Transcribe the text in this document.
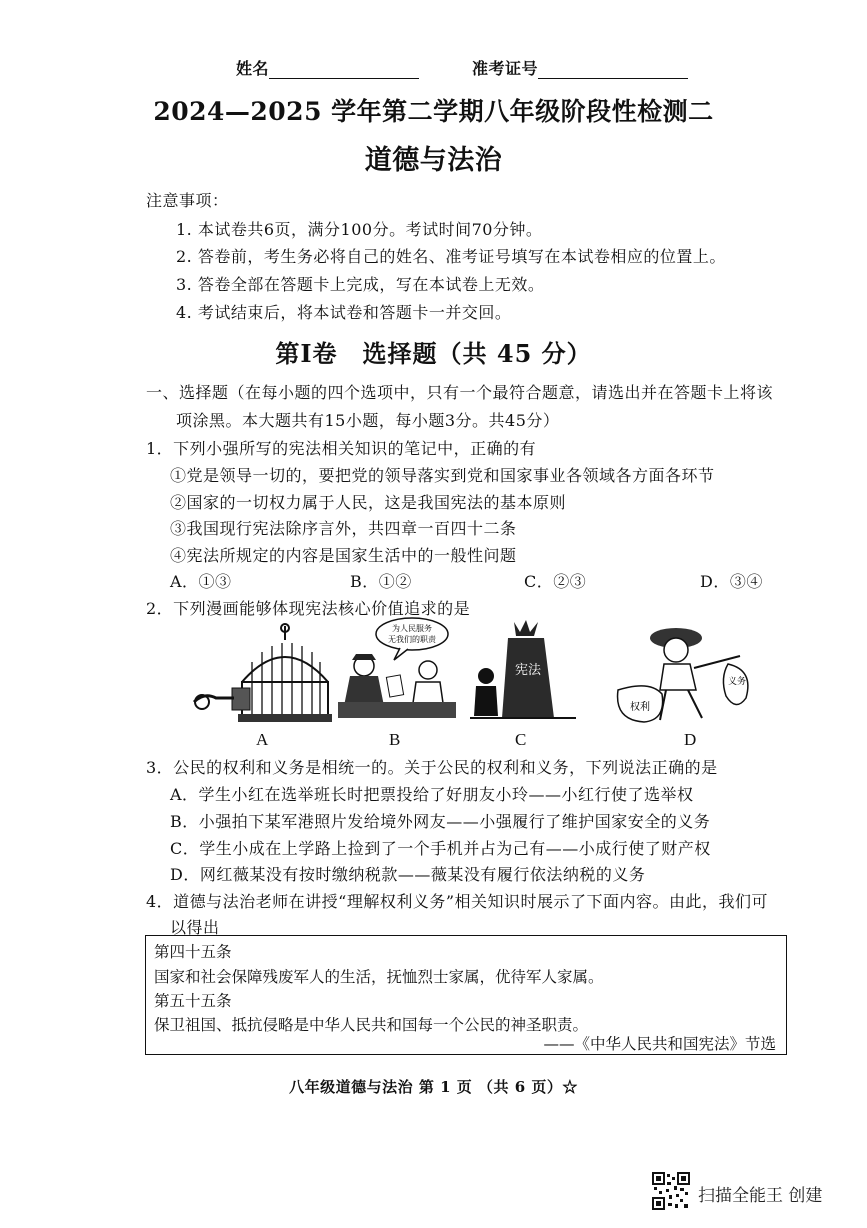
姓名	准考证号
2024—2025 学年第二学期八年级阶段性检测二
道德与法治
注意事项：
1. 本试卷共6页，满分100分。考试时间70分钟。
2. 答卷前，考生务必将自己的姓名、准考证号填写在本试卷相应的位置上。
3. 答卷全部在答题卡上完成，写在本试卷上无效。
4. 考试结束后，将本试卷和答题卡一并交回。
第Ⅰ卷　选择题（共 45 分）
一、选择题（在每小题的四个选项中，只有一个最符合题意，请选出并在答题卡上将该
项涂黑。本大题共有15小题，每小题3分。共45分）
1．下列小强所写的宪法相关知识的笔记中，正确的有
①党是领导一切的，要把党的领导落实到党和国家事业各领域各方面各环节
②国家的一切权力属于人民，这是我国宪法的基本原则
③我国现行宪法除序言外，共四章一百四十二条
④宪法所规定的内容是国家生活中的一般性问题
A．①③	B．①②	C．②③	D．③④
2．下列漫画能够体现宪法核心价值追求的是
为人民服务
无我们的职责
宪法
义务
权利
A	B	C	D
3．公民的权利和义务是相统一的。关于公民的权利和义务，下列说法正确的是
A．学生小红在选举班长时把票投给了好朋友小玲——小红行使了选举权
B．小强拍下某军港照片发给境外网友——小强履行了维护国家安全的义务
C．学生小成在上学路上捡到了一个手机并占为己有——小成行使了财产权
D．网红薇某没有按时缴纳税款——薇某没有履行依法纳税的义务
4．道德与法治老师在讲授“理解权利义务”相关知识时展示了下面内容。由此，我们可
以得出
第四十五条
国家和社会保障残废军人的生活，抚恤烈士家属，优待军人家属。
第五十五条
保卫祖国、抵抗侵略是中华人民共和国每一个公民的神圣职责。
——《中华人民共和国宪法》节选
八年级道德与法治 第 1 页 （共 6 页）☆
扫描全能王 创建
